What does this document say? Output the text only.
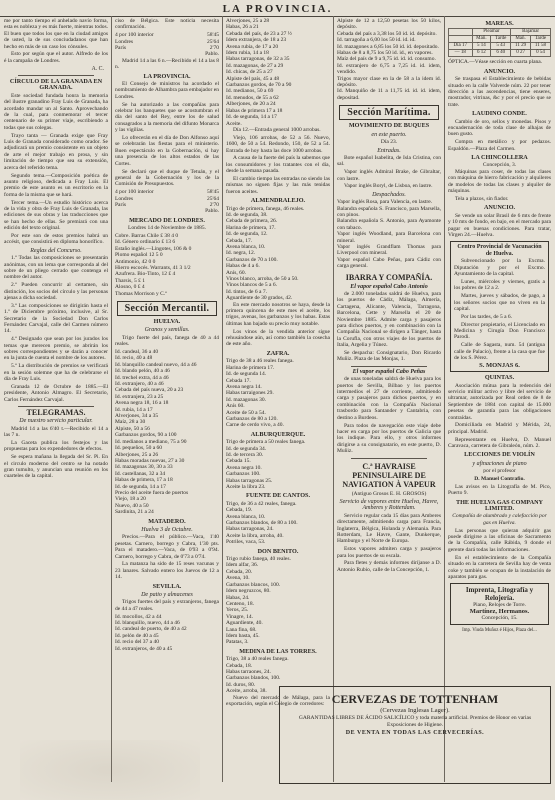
LA PROVINCIA.

me por tanto tiempo el anhelado navío forma, esta es nobleza y es más fuerte, mientras todos. El buen que todos los que en la ciudad amigos de usted, la de sus conciudadanos que han hecho en más de un caso los cónsules.

Esto por según que el autor. Alfredo de los é la campaña de Londres.

A. C.
CÍRCULO DE LA GRANADA EN GRANADA.

Este sociedad fundada honra la memoria del ilustre granadino Fray Luis de Granada, ha acordado mandar un al Santo. Aprovechando de la cual, para conmemorar el tercer centenario de su primer viaje, escribiendo a todas que sus colegas.

Trayo tanta — Granada exige que Fray Luis de Granada considerado como orador. Se adjudicará un premio consistente en un objeto de arte el mejor trabajo en prosa, y sin limitación de tiempo que sea su extensión, acerca del referido tema.

Segundo tema.—Composición poética de asunto religioso, dedicada a Fray Luis. El premio de este asunto es un escritorio en la forma de la misma que se hará.

Tercer tema.—Un estudio histórico acerca de la vida y obra de Fray Luis de Granada, las ediciones de sus obras y las traducciones que se han hecho de ellas. Se premiará con una edición del texto original.

Por este son de estos premios habrá un accésit, que consistirá en diploma honorífico.

Reglas del Concurso.

1.ª Todas las composiciones se presentarán anónimas, con un lema que corresponda al del sobre de un pliego cerrado que contenga el nombre del autor.

2.ª Pueden concurrir al certamen, sin distinción, los socios del círculo y las personas ajenas a dicha sociedad.

3.ª Las composiciones se dirigirán hasta el 1.º de Diciembre próximo, inclusive, al Sr. Secretario de la Sociedad Don Carlos Fernández Carvajal, calle del Carmen número 14.

4.ª Designado que sean por los jurados los temas que merecen premio, se abrirán los sobres correspondientes y se darán a conocer en la junta de cuenta el nombre de los autores.

5.ª La distribución de premios se verificará en la sesión solemne que ha de celebrarse el día de Fray Luis.

Granada 12 de Octubre de 1885.—El presidente, Antonio Almagro. El Secretario, Carlos Fernández Carvajal.

TELEGRAMAS.
De nuestro servicio particular.

Madrid 14 a las 6'40 t.—Recibido el 14 a las 7 n.

La Gaceta publica los festejos y las propuestas para los expendedores de efectos.

Se espera mañana la llegada del Sr. Pi. En el circulo moderno del centro se ha notado gran tumulto, y anuncian una reunión en los cuarteles de la capital.

ciso de Bélgica. Este noticia necesita confirmación.

4 por 100 interior	58'45
Londres	25'64
París	2'70
Pablo.

Madrid 14 a las 6 n.—Recibido el 14 a las 8 n.

LA PROVINCIA.

El Consejo de ministros ha acordado el nombramiento de Alhambra para embajador en Londres.

Se ha autorizado a las compañías para celebrar los banquetes que se acostumbran el día del santo del Rey, entre los de salud consagrados a la memoria del difunto Monarca y las vigilias.

Lo ofrecerán en el día de Don Alfonso aquí se celebrarán las fiestas para el ministerio. Buen espectáculo en la Gobernación, si hay una presencia de los altos estados de las Cortes.

Se declaró que el duque de Tetuán, y el general de la Gobernación y los de la Comisión de Presupuestos.

4 por 100 interior	58'45
Londres	25'64
París	2'70
Pablo.
MERCADO DE LONDRES.

Londres 14 de Noviembre de 1885.

Cobre. Barras Chile £ 38 4 0

Id. Género ordinario £ 13 6

Estaño inglés.—Lingotes, 106 & 0

Plomo español 12 5 0

Antimonio, 42 0 0

Hierro escocés. Warrants, 41 3 1/2

Azufrera. Bio-Tinto, 12 £ 4

Tharsis, 5 £ 1

Alosno, 0 £ 4

Thomas Morrison y C.ª

Sección Mercantil.
HUELVA.
Granos y semillas.

Trigo fuerte del país, fanega de 40 a 44 reales.

Id. candeal, 36 a 40

Id. recio, 40 a 48

Id. blanquillo candeal nuevo, 44 a 46

Id. blando pelón, 40 a 46

Id. trechel extra, 44 a 46

Id. extranjero, 40 a 46

Cebada del país nueva, 20 a 23

Id. extranjera, 23 a 25

Avena negra 18, 16 a 18

Id. rubia, 14 a 17

Alverjones, 34 a 35

Maíz, 28 a 30

Alpiste, 50 a 56

Garbanzos gordos, 90 a 100

Id. medianos a mediano, 75 a 90

Id. pequeños, 50 a 60

Alberjones, 25 a 26

Habas moradas nuevas, 27 a 30

Id. mazagonas 30, 30 a 33

Id. castellanas, 32 a 34

Habas de primera, 17 a 18

Id. de segunda, 14 a 17

Precio del aceite fuera de puertos

Viejo, 18 a 20

Nuevo, 40 a 50

Sardinita, 21 a 24

MATADERO.
Huelva 3 de Octubre.

Precios.—Para el público.—Vaca, 1'40 pesetas. Carnero, borrego y Cabra, 1'30 pts. Para el matadero.—Vaca, de 0'93 a 0'94. Carnero, borrego y Cabra, de 0'73 a 0'74.

La matanza ha sido de 15 reses vacunas y 23 lanares. Salvado entero los Juevos de 12 a 14.

SEVILLA.
De patio y almacenes

Trigos fuertes del país y extranjeros, fanega de 44 a 47 reales.

Id. mocollos, 42 a 44

Id. blanquillo, nuevo, 44 a 46

Id. candeal de puerto, de 40 a 42

Id. pelón de 40 a 45

Id. recio del 37 a 40

Id. extranjeros, de 40 a 45

Alverjones, 25 a 28

Habas, 26 a 21

Cebada del país, de 23 a 27 ½

Idem extranjera, de 18 a 23

Avena rubia, de 17 a 20

Idem rubia, 14 a 18

Habas tarragonas, de 32 a 35

Id. mazagonas, de 27 a 29

Id. chicas, de 25 a 27

Alpiste del país, 45 a 48

Garbanzos gordos, de 70 a 90

Id. medianos, 50 a 69

Id. menudos, de 55 a 62

Alberjones, de 20 a 24

Habas de primera 17 a 18

Id. de segunda, 14 a 17

Aceite.

Día 12.—Entrada general 1000 arrobas.

Viejo, 106 arrobas, de 52 a 56. Nuevo, 1600, de 50 a 54. Redondo, 150, de 52 a 54. Entrada de hoy hasta las doce 1000 arrobas.

A causa de la fuerte del país la sabemos que los consumidores y los tratantes con el día, desde la semana pasada.

El cambio tiempo las entradas no siendo las mismas no siguen fijas y las más tenidas fueron aceites.

ALMENDRALEJO.

Trigo de primera, fanega, 46 reales.

Id. de segunda, 38.

Cebada de primera, 26.

Harina de primera, 17.

Id. de segunda, 12.

Cebada, 17.

Avena blanca, 10.

Id. negra, 12.

Garbanzos de 70 a 100.

Habas de 4 a 6.

Anís, 60.

Vinos blanco, arroba, de 50 a 50.

Vinos blancos de 5 a 6.

Id. tintos, de 6 a 7.

Aguardiente de 30 grados, 42.

En este mercado nosotros se haya, desde la primera quincena de este mes el aceite, los trigos, avenas, los garbanzos y los habas. Estas últimas han bajado su precio muy notable.

Los vinos de la vendida anterior sigue rehusándose aún, así como también la cosecha de este año.

ZAFRA.

Trigo de 38 a 46 reales fanega.

Harina de primera 17.

Id. de segunda 14.

Cebada 17.

Avena negra 14.

Habas tarraigones 29.

Id. mazagonas 30.

Anís 60.

Aceite de 50 a 54.

Garbanzos de 80 a 120.

Carne de cerdo vivo, a 40.

ALBURQUERQUE.

Trigo de primera a 50 reales fanega.

Id. de segunda 34.

Id. de tercera 30.

Cebada 15.

Avena negra 10.

Garbanzos 100.

Habas tarragonas 25.

Aceite la libra 23.

FUENTE DE CANTOS.

Trigo, de 36 a 42 reales, fanega.

Cebada, 19.

Avena blanca, 10.

Garbanzos blandos, de 80 a 100.

Habas tarragonas, 24.

Aceite la libra, arroba, 40.

Potriles, vaca, 53.

DON BENITO.

Trigo rubio fanega, 40 reales.

Idem alfar, 36.

Cebada, 20.

Avena, 10.

Garbanzos blancos, 100.

Idem negruzcos, 80.

Habas, 24.

Centeno, 18.

Yeros, 25.

Vinagre, 14.

Aguardiente, 40.

Lana fina, 68.

Idem basta, 45.

Patatas, 3.

MEDINA DE LAS TORRES.

Trigo, 38 a 40 reales fanega.

Cebada, 18.

Habas tarraones, 24.

Garbanzos blandos, 100.

Id. duros, 80.

Aceite, arroba, 38.

Nuevo del mercado de Málaga, para la exportación, según el Colegio de corredores:

Alpiste de 12 a 12,50 pesetas los 50 kilos, depósito.

Cebada del país a 3,38 los 50 id. id. depósito.

Id. tarragoña a 6,00 los 50 id. id. id.

Id. mazagones a 6,85 los 50 id. id. depositado.

Habas de 8 a 8,75 los 50 id. id., en vapores.

Maíz del país de 9 a 9,75 id. id. id. consumo.

Id. extranjero de 6,75 a 7,25 id. id. idem, vendido.

Trigos mayor clase en la de 58 a la idem id. depósito.

Id. Manquiño de 11 a 11,75 id. id. id. idem, depositad.

Sección Marítima.
MOVIMIENTO DE BUQUES
en este puerto.

Día 23.

Entradas.

Bote español Isabelita, de Isla Cristina, con sal.

Vapor inglés Admiral Brake, de Gibraltar, con lastre.

Vapor inglés Boryl, de Lisboa, en lastre.

Despachados.

Vapor inglés Rosa, para Valencia, en lastre.

Balandra española S. Francisco, para Marsella, con pinos.

Balandra española S. Antonio, para Ayamonte con tabaco.

Vapor inglés Woodland, para Barcelona con mineral.

Vapor inglés Grandflam Thomas para Liverpool con mineral.

Vapor español Cabo Peñas, para Cádiz con carga general.

IBARRA Y COMPAÑÍA.
El vapor español Cabo Antonio

de 2.000 toneladas saldrá de Huelva, para los puertos de Cádiz, Málaga, Almería, Cartagena, Alicante, Valencia, Tarragona, Barcelona, Cette y Marsella el 20 de Noviembre 1885. Admite carga y pasajeros para dichos puertos, y en combinación con la Compañía Nacional se dirigen a Tánger, hasta la Corufla, con otros viajes de los puertos de Italia, Argelia y Túnez.

Se despacha: Consignatario, Don Ricardo Muñiz. Plaza de las Monjas, 1.

El vapor español Cabo Peñas

de unas toneladas saldrá de Huelva para los puertos de Sevilla, Bilbao y los puertos intermedios el 27 de corriente, admitiendo carga y pasajeros para dichos puertos, y en combinación con la Compañía Nacional trasbordo para Santander y Cantabria, con destino a Burdeos.

Para todos de navegación este viaje debe hacer en carga por los puertos de Galicia que los indique. Para ello, y otros informes dirigirse a su consignatario, en este puerto, D. Muñiz.

C.ª HAVRAISE PENINSULAIRE DE NAVIGATION À VAPEUR
(Antiguo Grosos E. H. GROSOS)
Servicio de vapores entre Huelva, Havre, Amberes y Rotterdam.

Servicio regular cada 15 días para Amberes directamente, admitiendo carga para Francia, Inglaterra, Bélgica, Holanda y Alemania. Para Rotterdam, Le Havre, Gante, Dunkerque, Hamburgo y el Norte de Europa.

Estos vapores admiten carga y pasajeros para los puertos de su escala.

Para fletes y demás informes diríjanse a D. Antonio Rubio, calle de la Concepción, 1.

MAREAS.
	Pleamar		Bajamar	
	Mañ.	Tarde	Mañ.	Tarde
Día 17	5 14	5 43	11 29	11 58
— 18	6 12	6 40	0 27	0 54

ÓPTICA.—Véase sección en cuarta plana.

ANUNCIO.

Se traspasa el Establecimiento de bebidas situado en la calle Valverde núm. 22 por tener dirección a las ascendencias, tiene enseres, mostrador, vitrinas, &c y por el precio que se trate.

LAUDINO CONDE.

Cambio de oro, sellos y monedas. Pisos y encuadernación de toda clase de alhajas de buen gusto.

Compra en metálico y por pedazos. Espaldón.—Plaza del Carmen.

LA CHINCOLLERA
Concepción, 3.

Máquinas para coser, de todas las clases con máquina de hierro fabricación y alquileres de modelos de todas las clases y alquiler de máquinas.

Tela a plazos, sin fiador.

ANUNCIO.

Se vende un solar Brasil de 6 mts de frente y 10 mts de fondo, en bajo, en el mercado para pagar en buenas condiciones. Para tratar, Virgen 24.—Huelva.

Centro Provincial de Vacunación de Huelva.

Subvencionado por la Excma. Diputación y por el Excmo. Ayuntamiento de la capital.

Lunes, miércoles y viernes, gratis a los pobres de 12 a 2.

Martes, jueves y sábados, de pago, a los señores socios que no viven en la capital.

Por las tardes, de 5 a 6.

Director propietario, el Licenciado en Medicina y Cirugía Don Francisco Parodi.

Calle de Sagasta, num. 54 (antigua calle de Palacio), frente a la casa que fue de los S. Pérez.

S. MONJAS 6.
QUINTAS.

Asociación mútua para la redención del servicio militar activo y libre del servicio de ultramar, autorizada por Real orden de 8 de Septiembre de 1884 con capital de 15.000 pesetas de garantía para las obligaciones contraídas.

Domiciliada en Madrid y Mérida, 24, principal. Madrid.

Representante en Huelva, D. Manuel Caravaca, carretera de Gibraleón, núm. 2.

LECCIONES DE VIOLÍN
y afinaciones de piano

por el profesor

D. Manuel Contrafio.

Las avisos en la Litografía de M. Pico, Puerto 9.

THE HUELVA GAS COMPANY LIMITED.

Compañía de alumbrado y calefacción por gas en Huelva.

Las personas que quieran adquirir gas puede dirigirse a las oficinas de Sacramento de la Compañía, calle Rábida, 9 donde el gerente dará todas las informaciones.

En el establecimiento de la Compañía situado en la carretera de Sevilla hay de venta coke y también se ocupan de la instalación de aparatos para gas.

Imprenta, Litografía y Relojería.
Piano, Relojes de Torre.
Martínez, Hermanos.
Concepción, 15.

Imp. Viuda Muñoz é Hijos, Plaza del...

CERVEZAS DE TOTTENHAM
(Cervezas Inglesas Lager).
GARANTIDAS LIBRES DE ÁCIDO SALICÍLICO y toda materia artificial. Premios de Honor en varias Exposiciones de Higiene.
DE VENTA EN TODAS LAS CERVECERÍAS.
